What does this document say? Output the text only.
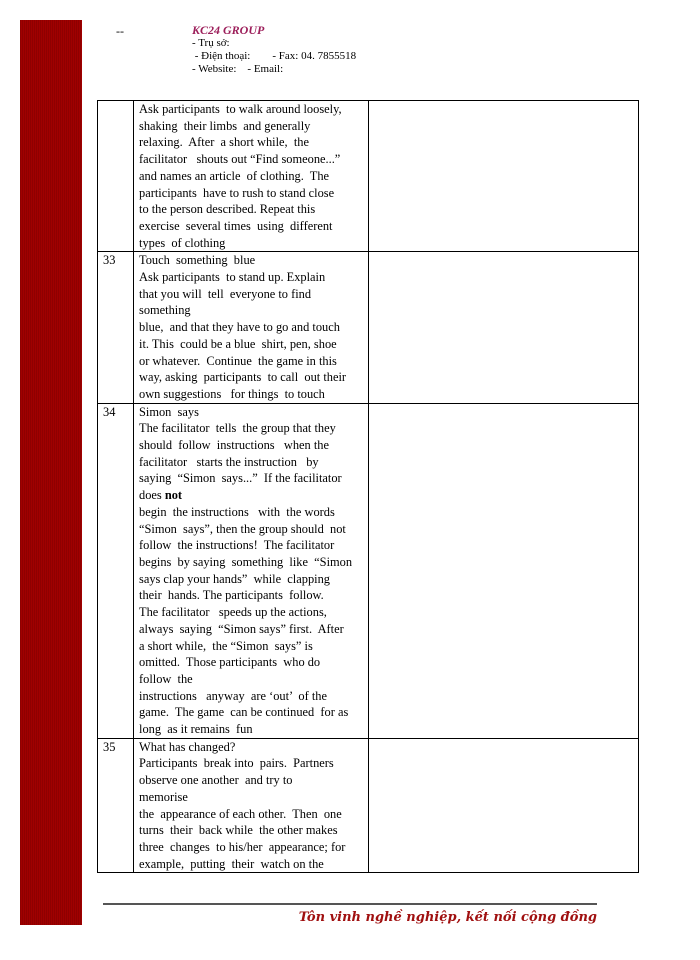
--	KC24 GROUP
- Trụ sở:
- Điện thoại:        - Fax: 04. 7855518
- Website:    - Email:

Ask participants  to walk around loosely,
shaking  their limbs  and generally
relaxing.  After  a short while,  the
facilitator   shouts out “Find someone...”
and names an article  of clothing.  The
participants  have to rush to stand close
to the person described. Repeat this
exercise  several times  using  different
types  of clothing

33	Touch  something  blue
Ask participants  to stand up. Explain
that you will  tell  everyone to find
something
blue,  and that they have to go and touch
it. This  could be a blue  shirt, pen, shoe
or whatever.  Continue  the game in this
way, asking  participants  to call  out their
own suggestions   for things  to touch

34	Simon  says
The facilitator  tells  the group that they
should  follow  instructions   when the
facilitator   starts the instruction   by
saying  “Simon  says...”  If the facilitator
does not
begin  the instructions   with  the words
“Simon  says”, then the group should  not
follow  the instructions!  The facilitator
begins  by saying  something  like  “Simon
says clap your hands”  while  clapping
their  hands. The participants  follow.
The facilitator   speeds up the actions,
always  saying  “Simon says” first.  After
a short while,  the “Simon  says” is
omitted.  Those participants  who do
follow  the
instructions   anyway  are ‘out’  of the
game.  The game  can be continued  for as
long  as it remains  fun

35	What has changed?
Participants  break into  pairs.  Partners
observe one another  and try to
memorise
the  appearance of each other.  Then  one
turns  their  back while  the other makes
three  changes  to his/her  appearance; for
example,  putting  their  watch on the

Tôn vinh nghề nghiệp, kết nối cộng đồng
